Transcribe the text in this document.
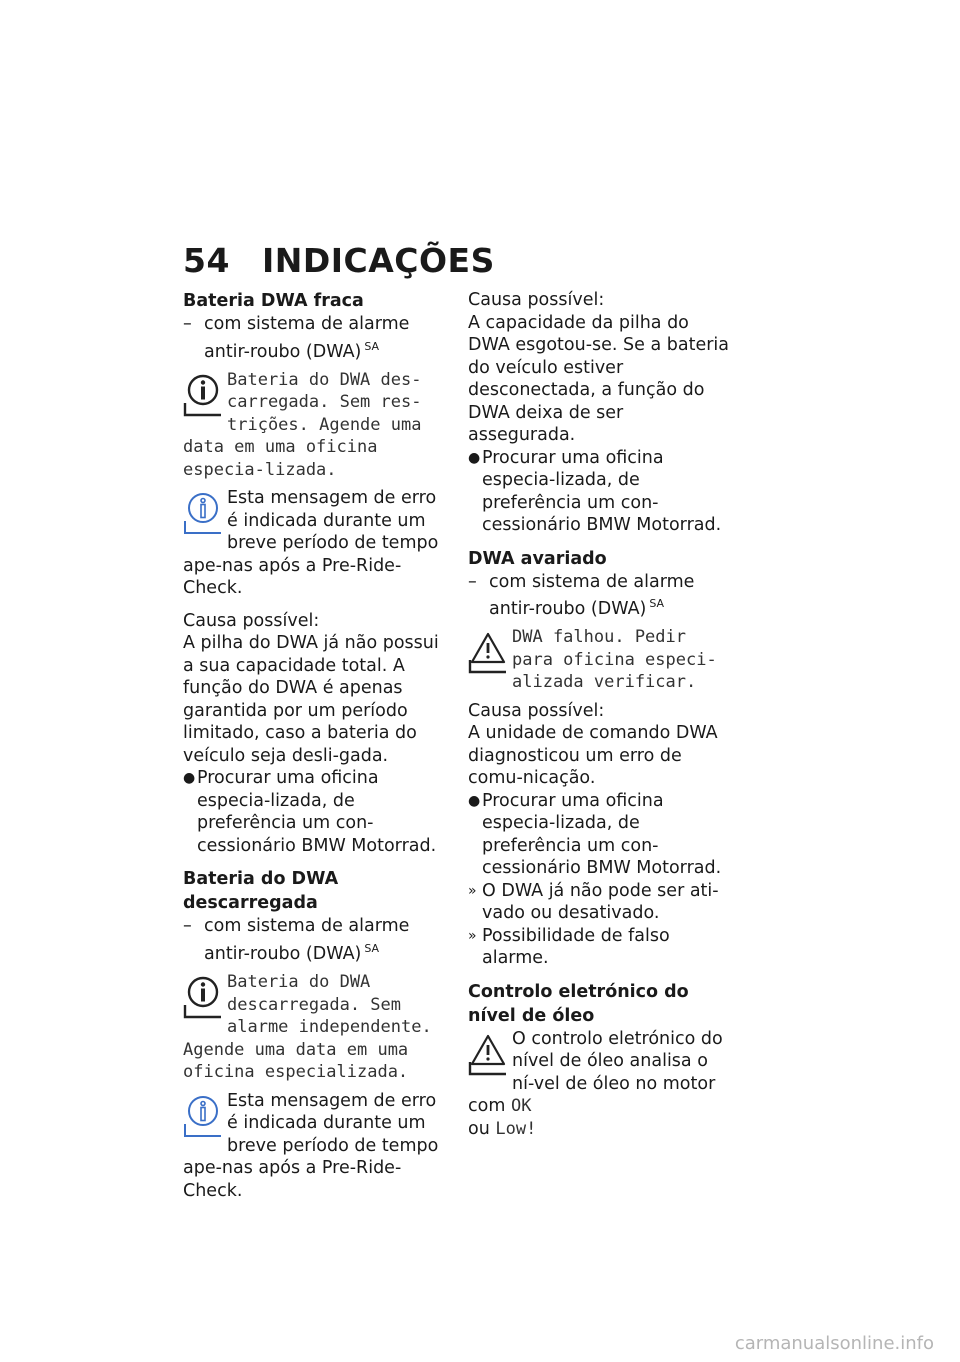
54 INDICAÇÕES

Bateria DWA fraca

– com sistema de alarme antir-roubo (DWA) $^{SA}$
Bateria do DWA des-carregada. Sem res-trições. Agende uma data em uma oficina especia-lizada.
Esta mensagem de erro é indicada durante um breve período de tempo ape-nas após a Pre-Ride-Check.

Causa possível:

A pilha do DWA já não possui a sua capacidade total. A função do DWA é apenas garantida por um período limitado, caso a bateria do veículo seja desli-gada.

● Procurar uma oficina especia-lizada, de preferência um con-cessionário BMW Motorrad.

Bateria do DWA descarregada

– com sistema de alarme antir-roubo (DWA) $^{SA}$
Bateria do DWA descarregada. Sem alarme independente. Agende uma data em uma oficina especializada.
Esta mensagem de erro é indicada durante um breve período de tempo ape-nas após a Pre-Ride-Check.

Causa possível:

A capacidade da pilha do DWA esgotou-se. Se a bateria do veículo estiver desconectada, a função do DWA deixa de ser assegurada.

● Procurar uma oficina especia-lizada, de preferência um con-cessionário BMW Motorrad.

DWA avariado

– com sistema de alarme antir-roubo (DWA) $^{SA}$
DWA falhou. Pedir para oficina especi-alizada verificar.

Causa possível:

A unidade de comando DWA diagnosticou um erro de comu-nicação.

● Procurar uma oficina especia-lizada, de preferência um con-cessionário BMW Motorrad.
» O DWA já não pode ser ati-vado ou desativado.
» Possibilidade de falso alarme.

Controlo eletrónico do nível de óleo

O controlo eletrónico do nível de óleo analisa o ní-vel de óleo no motor com OK
ou Low!
carmanualsonline.info
